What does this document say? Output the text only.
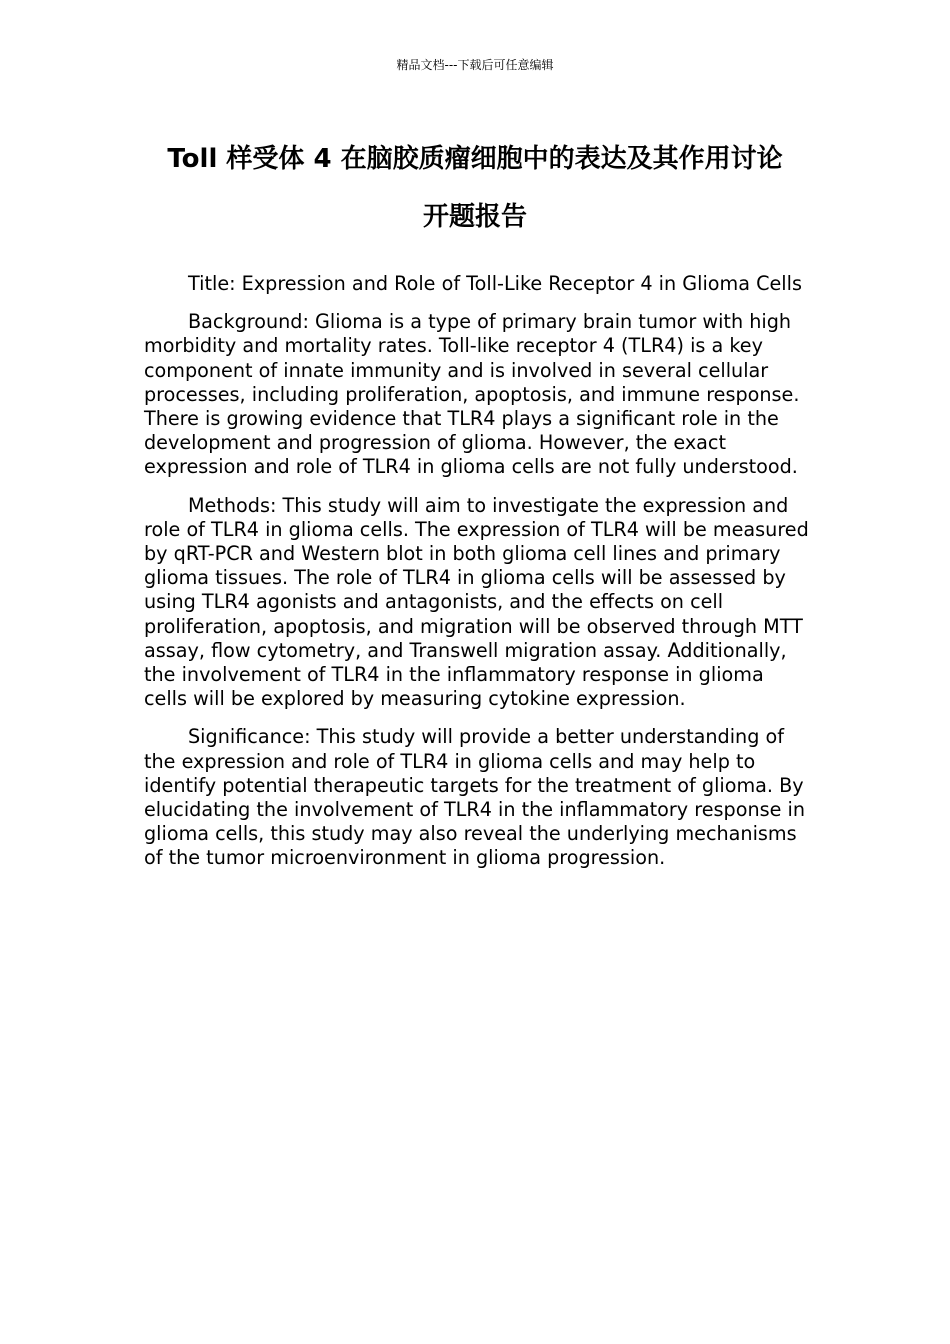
精品文档---下载后可任意编辑
Toll 样受体 4 在脑胶质瘤细胞中的表达及其作用讨论
开题报告

Title: Expression and Role of Toll-Like Receptor 4 in Glioma Cells

Background: Glioma is a type of primary brain tumor with high morbidity and mortality rates. Toll-like receptor 4 (TLR4) is a key component of innate immunity and is involved in several cellular processes, including proliferation, apoptosis, and immune response. There is growing evidence that TLR4 plays a significant role in the development and progression of glioma. However, the exact expression and role of TLR4 in glioma cells are not fully understood.

Methods: This study will aim to investigate the expression and role of TLR4 in glioma cells. The expression of TLR4 will be measured by qRT-PCR and Western blot in both glioma cell lines and primary glioma tissues. The role of TLR4 in glioma cells will be assessed by using TLR4 agonists and antagonists, and the effects on cell proliferation, apoptosis, and migration will be observed through MTT assay, flow cytometry, and Transwell migration assay. Additionally, the involvement of TLR4 in the inflammatory response in glioma cells will be explored by measuring cytokine expression.

Significance: This study will provide a better understanding of the expression and role of TLR4 in glioma cells and may help to identify potential therapeutic targets for the treatment of glioma. By elucidating the involvement of TLR4 in the inflammatory response in glioma cells, this study may also reveal the underlying mechanisms of the tumor microenvironment in glioma progression.
